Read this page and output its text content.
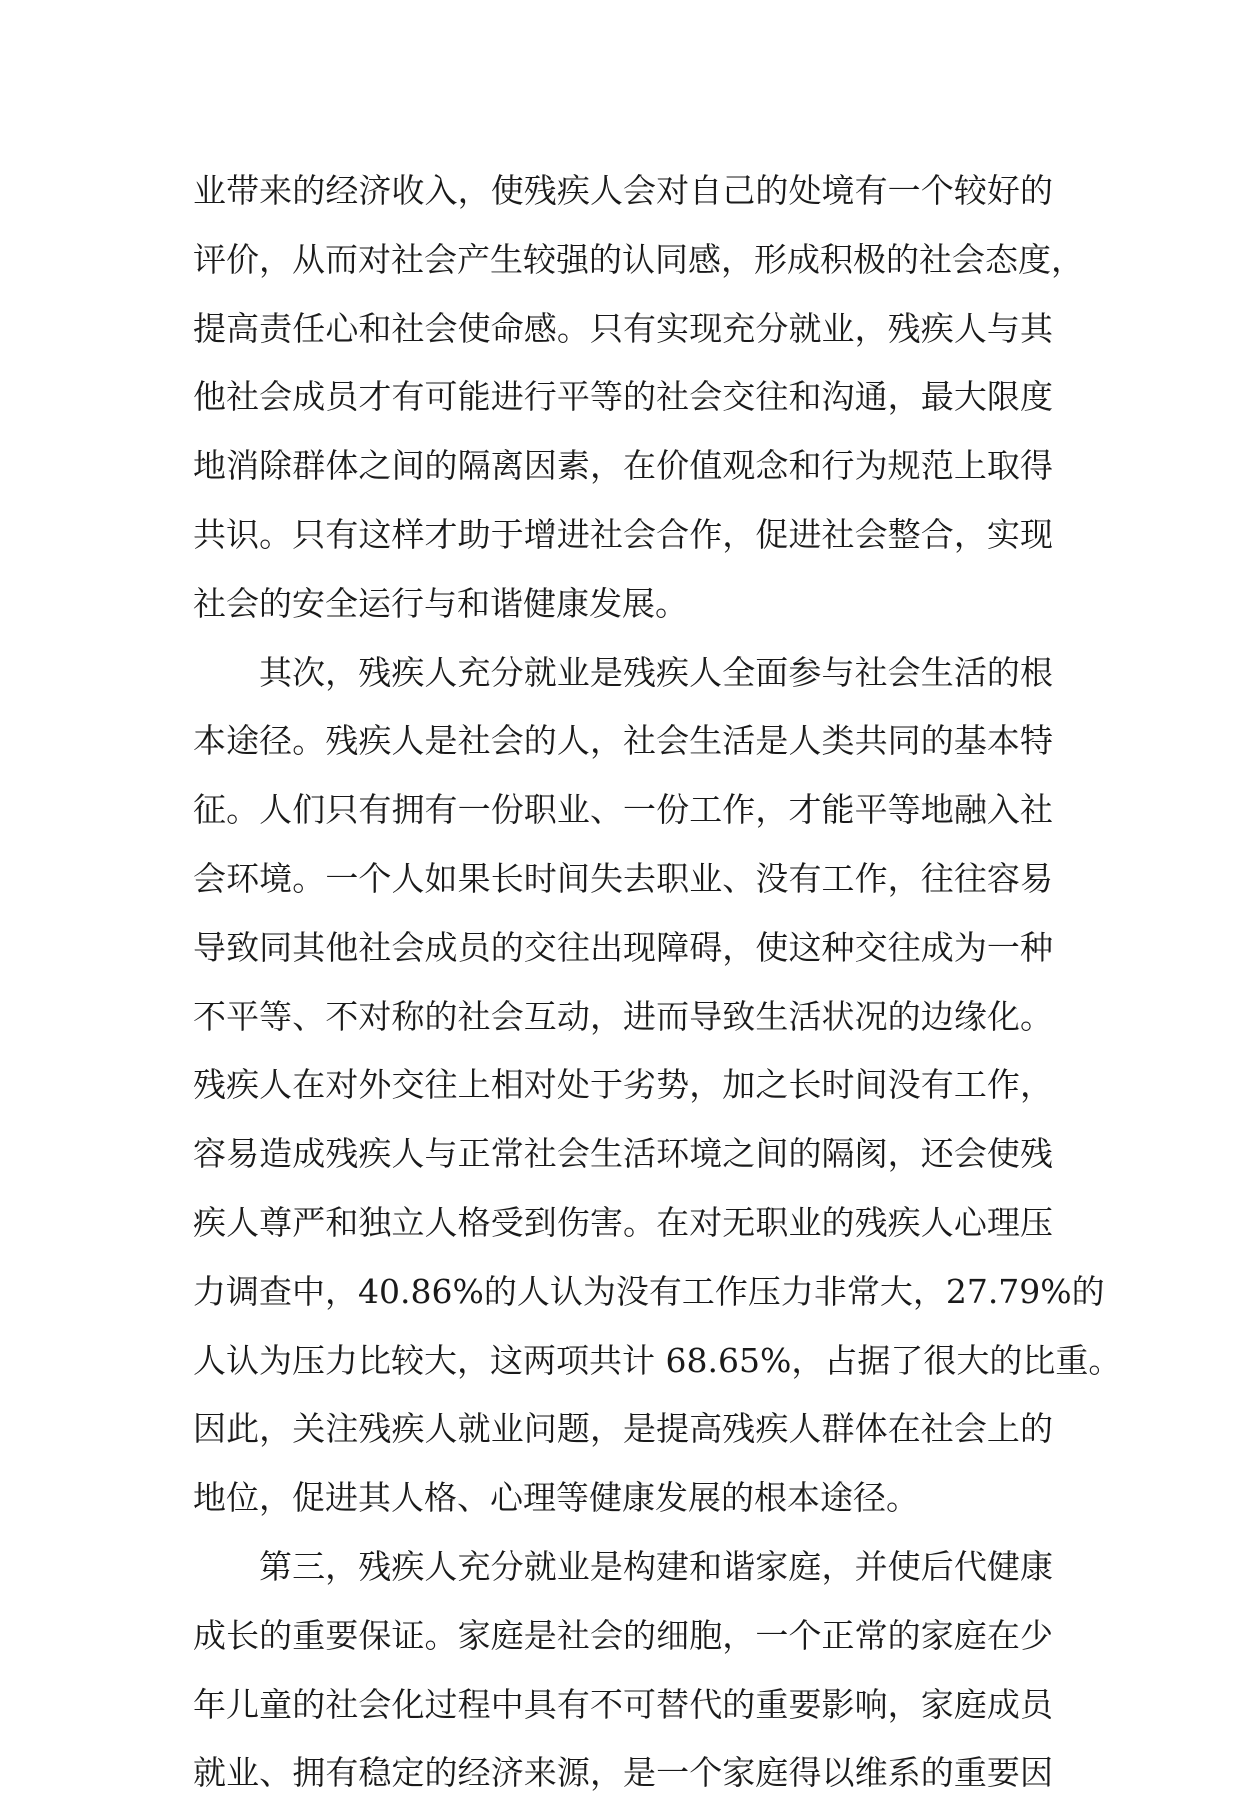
业带来的经济收入，使残疾人会对自己的处境有一个较好的
评价，从而对社会产生较强的认同感，形成积极的社会态度，
提高责任心和社会使命感。只有实现充分就业，残疾人与其
他社会成员才有可能进行平等的社会交往和沟通，最大限度
地消除群体之间的隔离因素，在价值观念和行为规范上取得
共识。只有这样才助于增进社会合作，促进社会整合，实现
社会的安全运行与和谐健康发展。
其次，残疾人充分就业是残疾人全面参与社会生活的根
本途径。残疾人是社会的人，社会生活是人类共同的基本特
征。人们只有拥有一份职业、一份工作，才能平等地融入社
会环境。一个人如果长时间失去职业、没有工作，往往容易
导致同其他社会成员的交往出现障碍，使这种交往成为一种
不平等、不对称的社会互动，进而导致生活状况的边缘化。
残疾人在对外交往上相对处于劣势，加之长时间没有工作，
容易造成残疾人与正常社会生活环境之间的隔阂，还会使残
疾人尊严和独立人格受到伤害。在对无职业的残疾人心理压
力调查中，40.86%的人认为没有工作压力非常大，27.79%的
人认为压力比较大，这两项共计 68.65%，占据了很大的比重。
因此，关注残疾人就业问题，是提高残疾人群体在社会上的
地位，促进其人格、心理等健康发展的根本途径。
第三，残疾人充分就业是构建和谐家庭，并使后代健康
成长的重要保证。家庭是社会的细胞，一个正常的家庭在少
年儿童的社会化过程中具有不可替代的重要影响，家庭成员
就业、拥有稳定的经济来源，是一个家庭得以维系的重要因
